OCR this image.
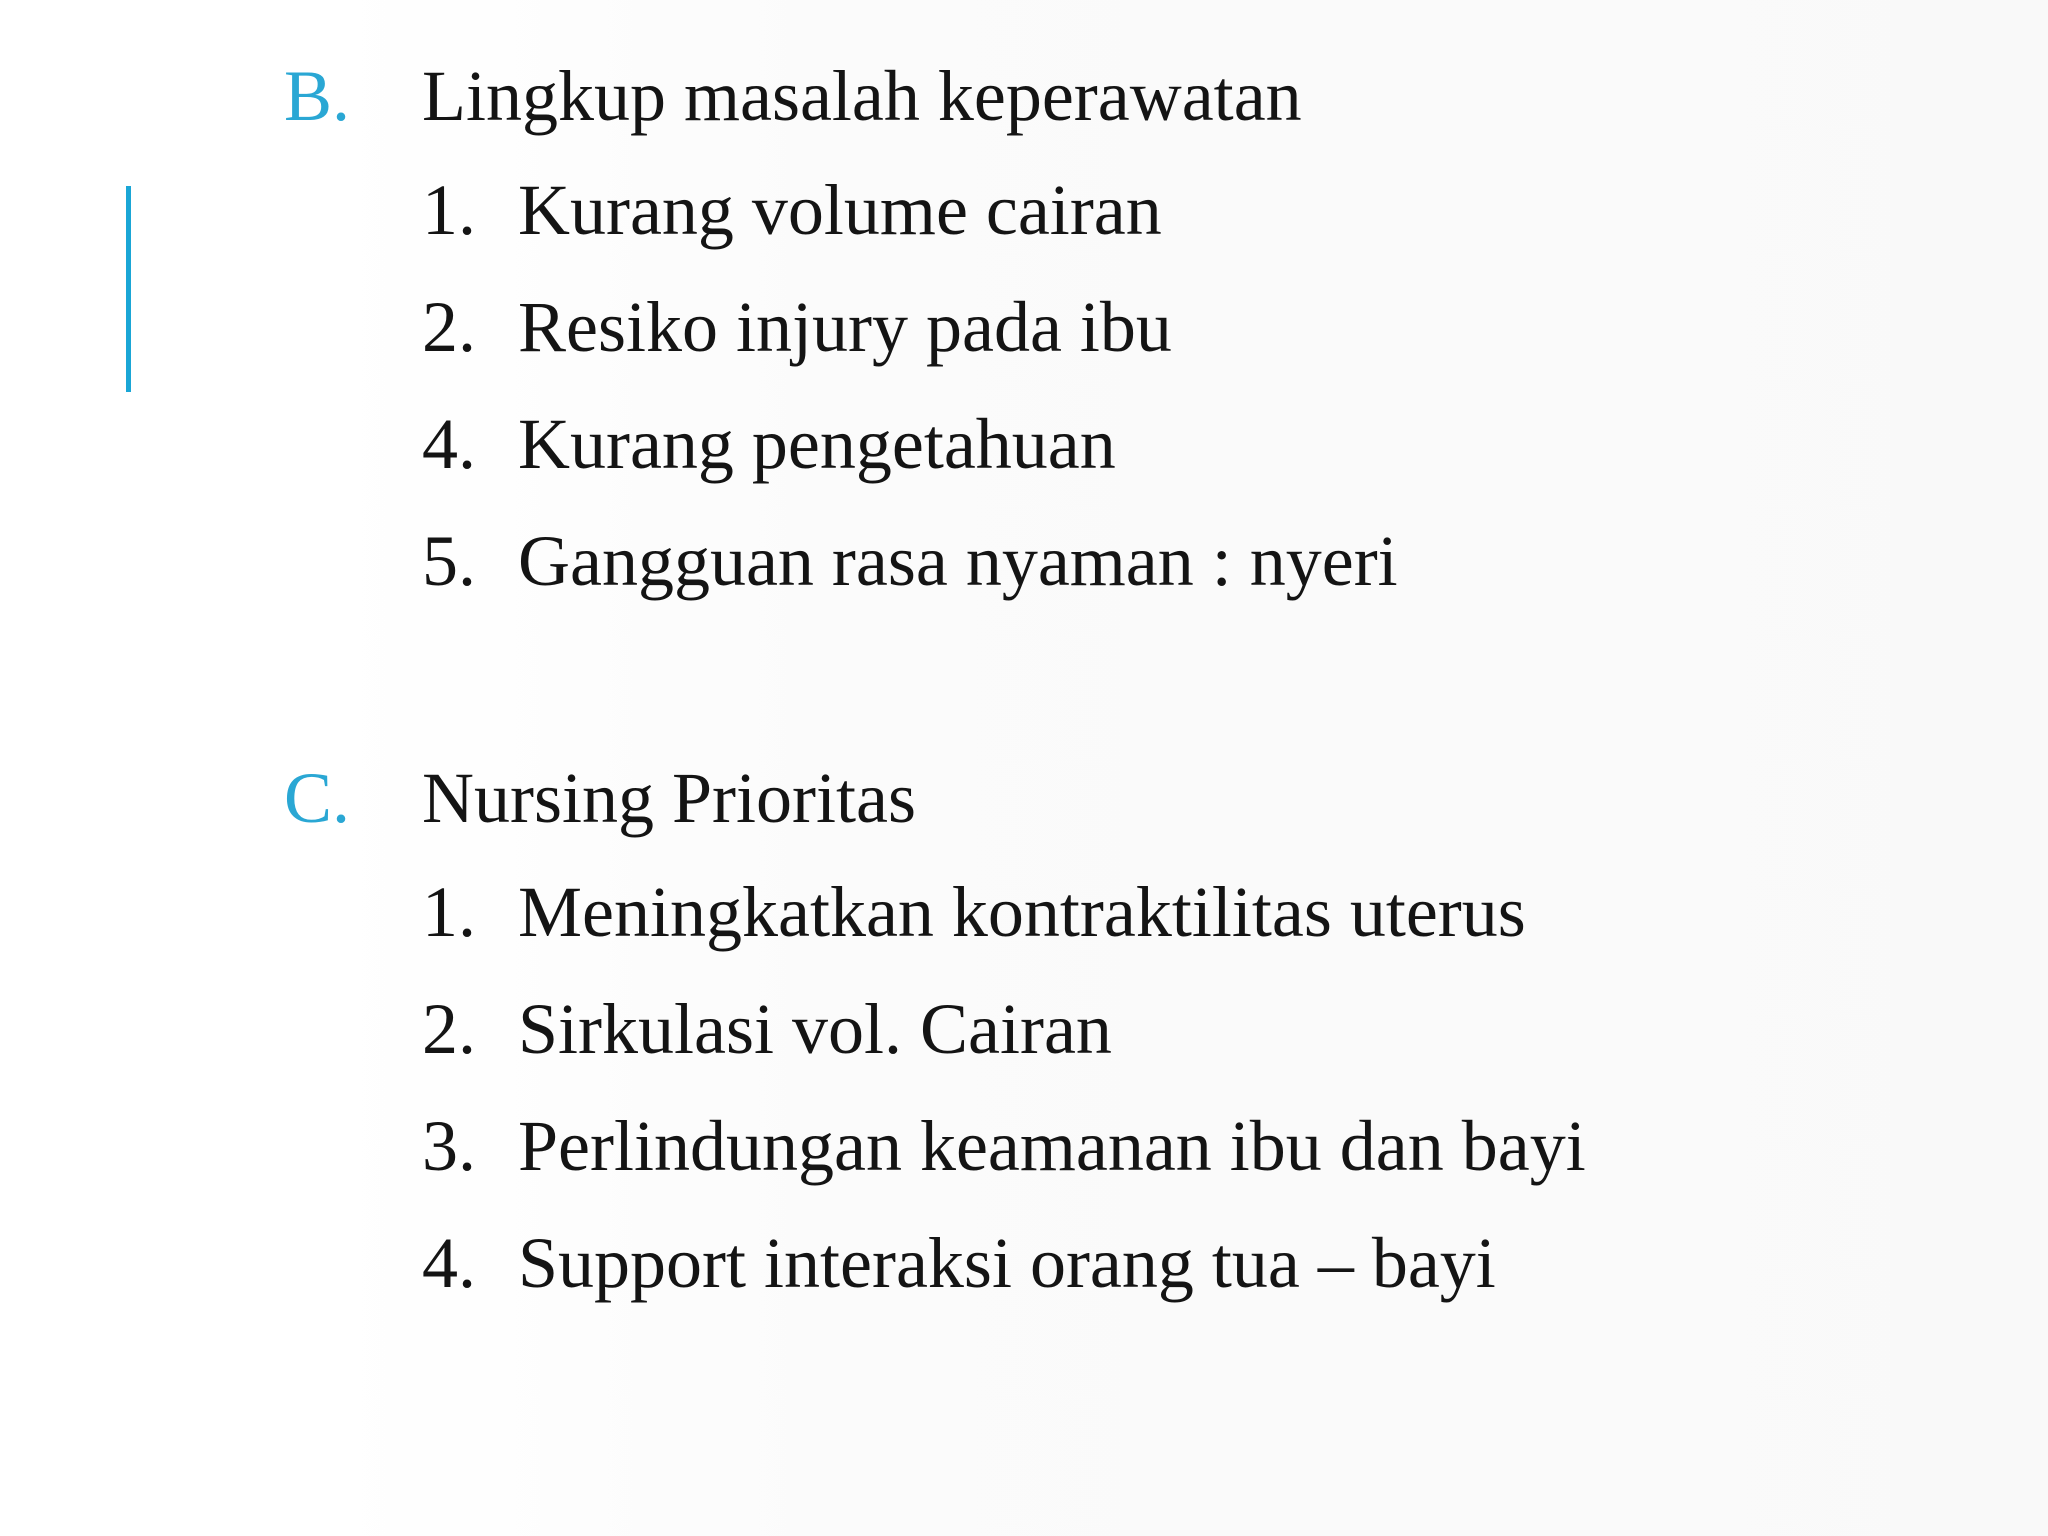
B. Lingkup masalah keperawatan
1. Kurang volume cairan
2. Resiko injury pada ibu
4. Kurang pengetahuan
5. Gangguan rasa nyaman : nyeri
C. Nursing Prioritas
1. Meningkatkan kontraktilitas uterus
2. Sirkulasi vol. Cairan
3. Perlindungan keamanan ibu dan bayi
4. Support interaksi orang tua – bayi
